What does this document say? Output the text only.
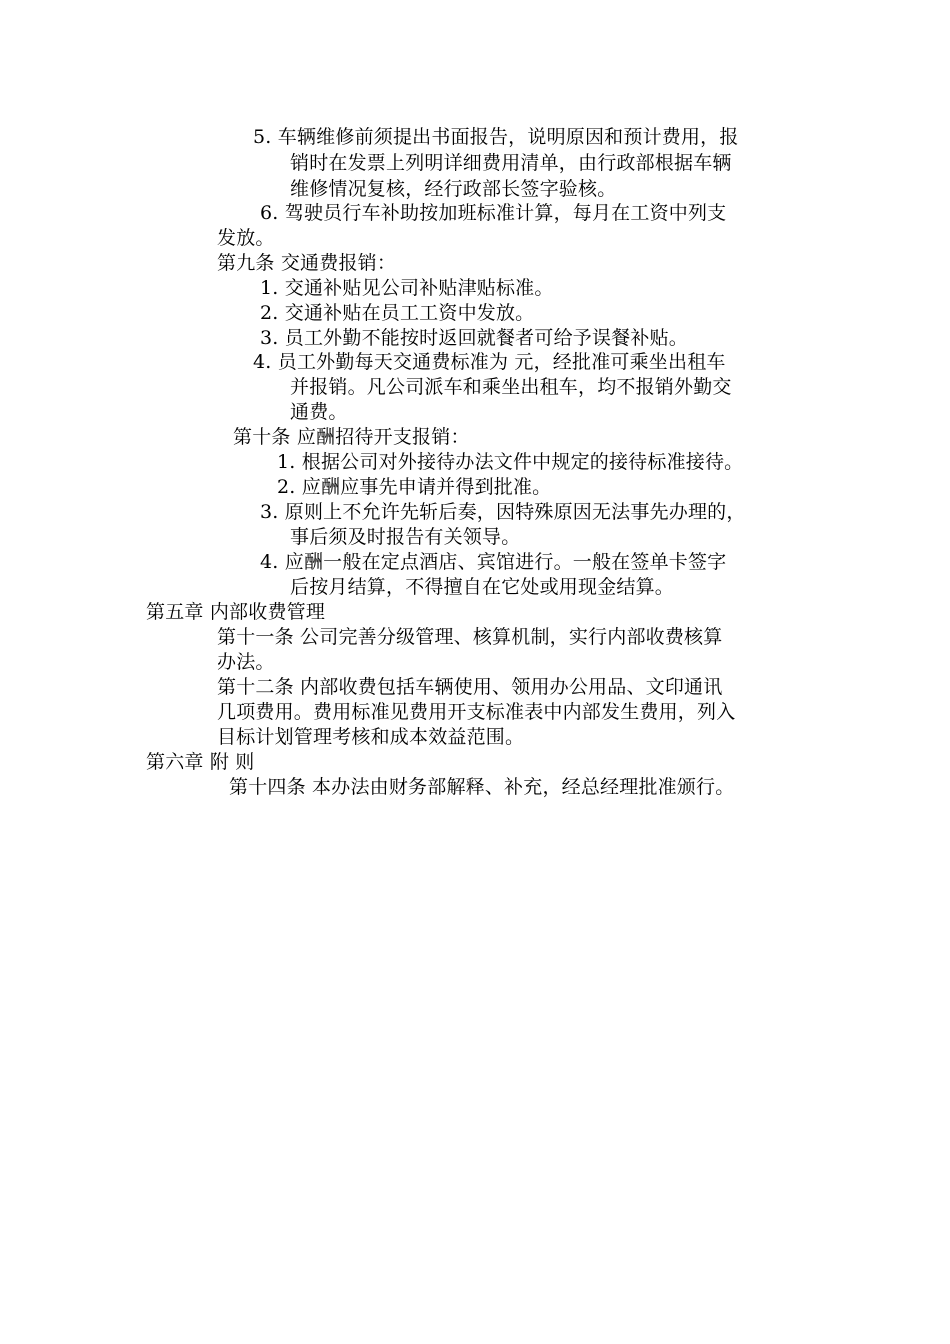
5. 车辆维修前须提出书面报告，说明原因和预计费用，报
销时在发票上列明详细费用清单，由行政部根据车辆
维修情况复核，经行政部长签字验核。
6. 驾驶员行车补助按加班标准计算，每月在工资中列支
发放。
第九条 交通费报销：
1. 交通补贴见公司补贴津贴标准。
2. 交通补贴在员工工资中发放。
3. 员工外勤不能按时返回就餐者可给予误餐补贴。
4. 员工外勤每天交通费标准为 元，经批准可乘坐出租车
并报销。凡公司派车和乘坐出租车，均不报销外勤交
通费。
第十条 应酬招待开支报销：
1. 根据公司对外接待办法文件中规定的接待标准接待。
2. 应酬应事先申请并得到批准。
3. 原则上不允许先斩后奏，因特殊原因无法事先办理的，
事后须及时报告有关领导。
4. 应酬一般在定点酒店、宾馆进行。一般在签单卡签字
后按月结算，不得擅自在它处或用现金结算。
第五章 内部收费管理
第十一条 公司完善分级管理、核算机制，实行内部收费核算
办法。
第十二条 内部收费包括车辆使用、领用办公用品、文印通讯
几项费用。费用标准见费用开支标准表中内部发生费用，列入
目标计划管理考核和成本效益范围。
第六章 附 则
第十四条 本办法由财务部解释、补充，经总经理批准颁行。
